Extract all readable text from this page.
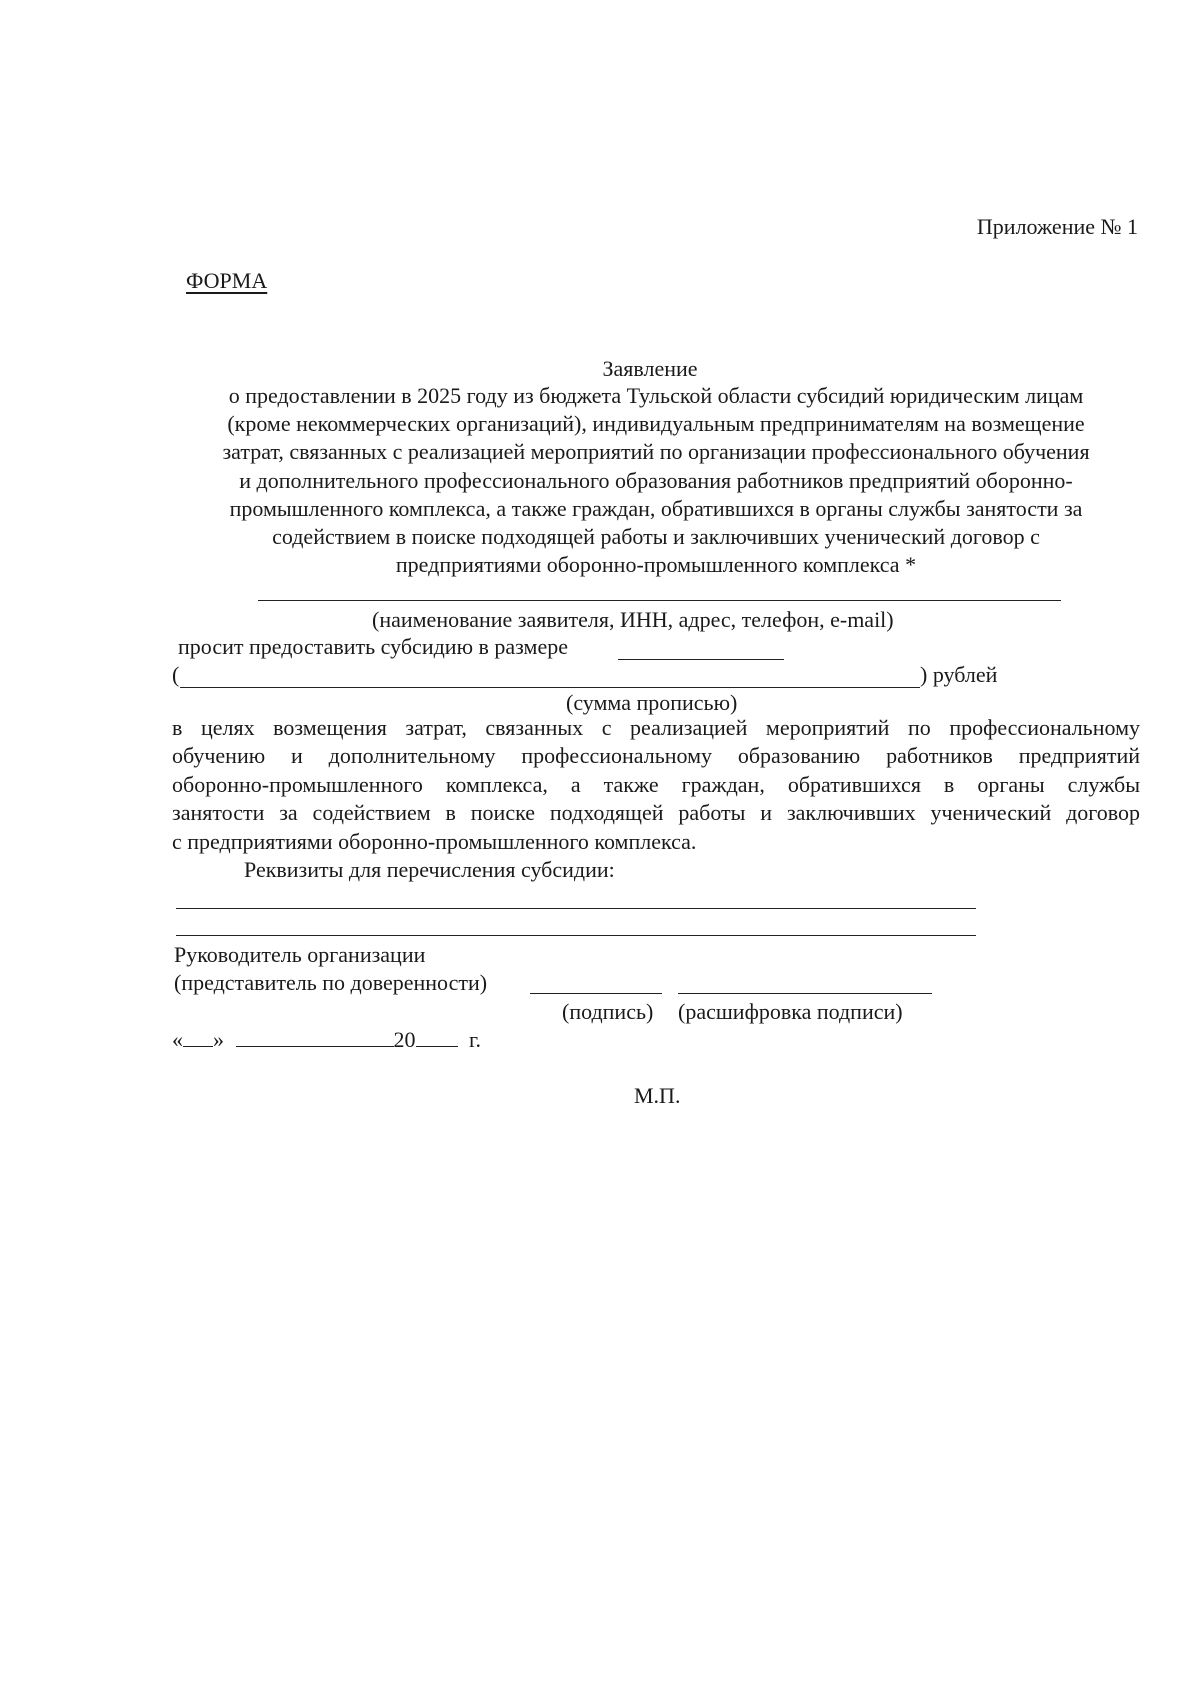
Приложение № 1
ФОРМА
Заявление
о предоставлении в 2025 году из бюджета Тульской области субсидий юридическим лицам
(кроме некоммерческих организаций), индивидуальным предпринимателям на возмещение
затрат, связанных с реализацией мероприятий по организации профессионального обучения
и дополнительного профессионального образования работников предприятий оборонно-
промышленного комплекса, а также граждан, обратившихся в органы службы занятости за
содействием в поиске подходящей работы и заключивших ученический договор с
предприятиями оборонно-промышленного комплекса *
(наименование заявителя, ИНН, адрес, телефон, e-mail)
просит предоставить субсидию в размере
(	) рублей
(сумма прописью)
в целях возмещения затрат, связанных с реализацией мероприятий по профессиональному
обучению и дополнительному профессиональному образованию работников предприятий
оборонно-промышленного комплекса, а также граждан, обратившихся в органы службы
занятости за содействием в поиске подходящей работы и заключивших ученический договор
с предприятиями оборонно-промышленного комплекса.
Реквизиты для перечисления субсидии:
Руководитель организации
(представитель по доверенности)
(подпись) (расшифровка подписи)
« »	20 г.
М.П.
